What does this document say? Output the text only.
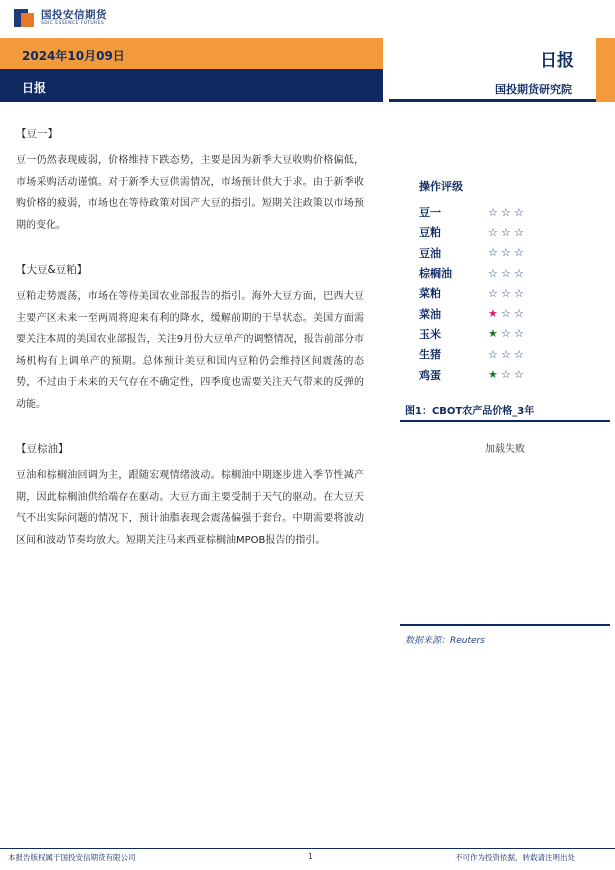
国投安信期货
SDIC ESSENCE FUTURES
2024年10月09日
日报
日报
国投期货研究院
【豆一】
豆一仍然表现疲弱，价格维持下跌态势，主要是因为新季大豆收购价格偏低，市场采购活动谨慎。对于新季大豆供需情况，市场预计供大于求。由于新季收购价格的疲弱，市场也在等待政策对国产大豆的指引。短期关注政策以市场预期的变化。
【大豆&豆粕】
豆粕走势震荡，市场在等待美国农业部报告的指引。海外大豆方面，巴西大豆主要产区未来一至两周将迎来有利的降水，缓解前期的干旱状态。美国方面需要关注本周的美国农业部报告，关注9月份大豆单产的调整情况，报告前部分市场机构有上调单产的预期。总体预计美豆和国内豆粕仍会维持区间震荡的态势，不过由于未来的天气存在不确定性，四季度也需要关注天气带来的反弹的动能。
【豆棕油】
豆油和棕榈油回调为主，跟随宏观情绪波动。棕榈油中期逐步进入季节性减产期，因此棕榈油供给端存在驱动。大豆方面主要受制于天气的驱动。在大豆天气不出实际问题的情况下，预计油脂表现会震荡偏强于套台。中期需要将波动区间和波动节奏均放大。短期关注马来西亚棕榈油MPOB报告的指引。
操作评级
豆一	☆ ☆ ☆
豆粕	☆ ☆ ☆
豆油	☆ ☆ ☆
棕榈油	☆ ☆ ☆
菜粕	☆ ☆ ☆
菜油	★ ☆ ☆
玉米	★ ☆ ☆
生猪	☆ ☆ ☆
鸡蛋	★ ☆ ☆
图1：CBOT农产品价格_3年
加载失败
数据来源：Reuters
本报告版权属于国投安信期货有限公司	1	不可作为投资依据，转载请注明出处
